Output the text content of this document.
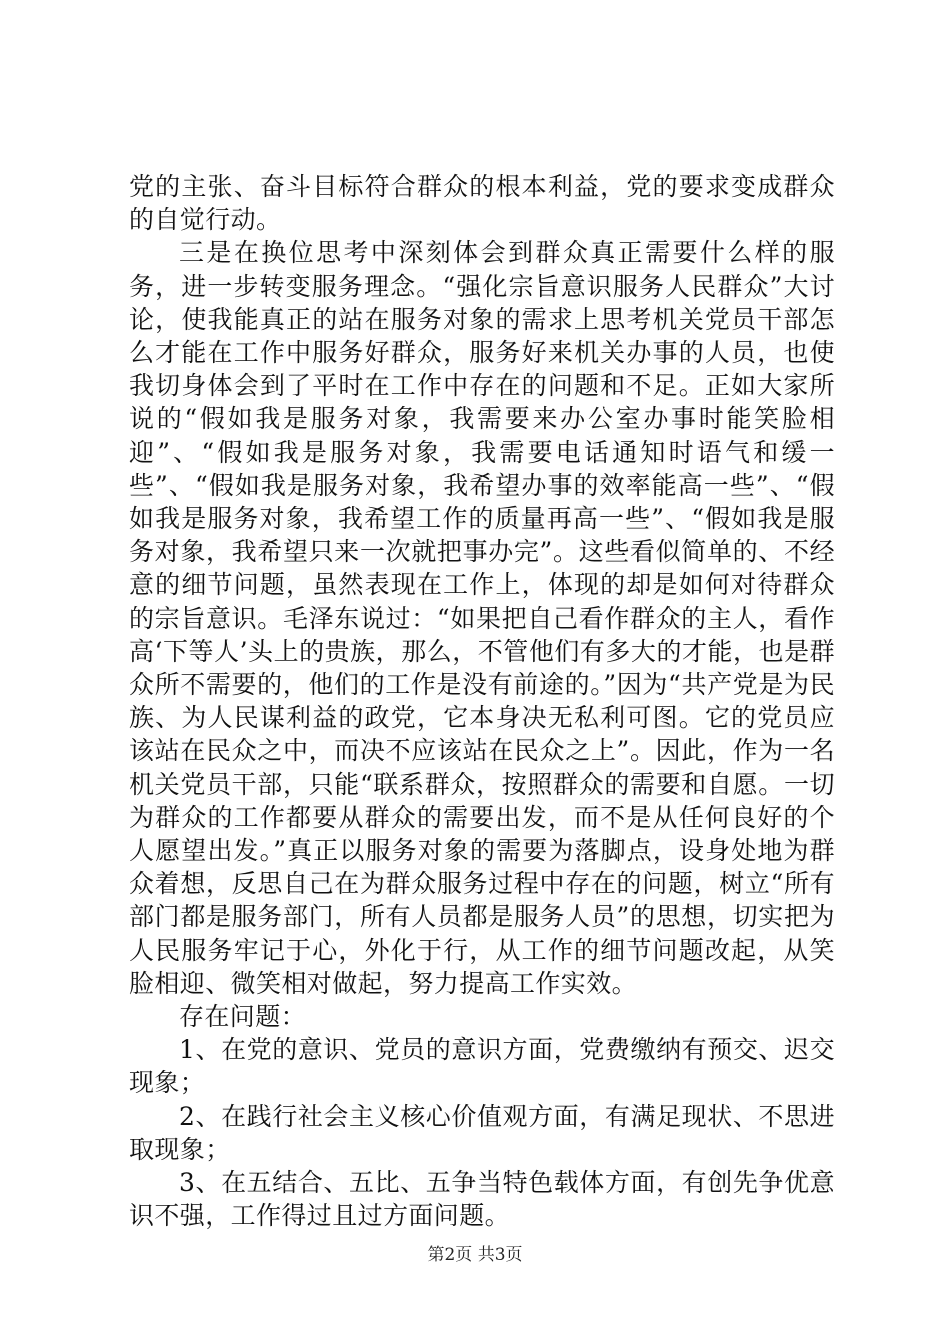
党的主张、奋斗目标符合群众的根本利益，党的要求变成群众的自觉行动。

三是在换位思考中深刻体会到群众真正需要什么样的服务，进一步转变服务理念。“强化宗旨意识服务人民群众”大讨论，使我能真正的站在服务对象的需求上思考机关党员干部怎么才能在工作中服务好群众，服务好来机关办事的人员，也使我切身体会到了平时在工作中存在的问题和不足。正如大家所说的“假如我是服务对象，我需要来办公室办事时能笑脸相迎”、“假如我是服务对象，我需要电话通知时语气和缓一些”、“假如我是服务对象，我希望办事的效率能高一些”、“假如我是服务对象，我希望工作的质量再高一些”、“假如我是服务对象，我希望只来一次就把事办完”。这些看似简单的、不经意的细节问题，虽然表现在工作上，体现的却是如何对待群众的宗旨意识。毛泽东说过：“如果把自己看作群众的主人，看作高‘下等人’头上的贵族，那么，不管他们有多大的才能，也是群众所不需要的，他们的工作是没有前途的。”因为“共产党是为民族、为人民谋利益的政党，它本身决无私利可图。它的党员应该站在民众之中，而决不应该站在民众之上”。因此，作为一名机关党员干部，只能“联系群众，按照群众的需要和自愿。一切为群众的工作都要从群众的需要出发，而不是从任何良好的个人愿望出发。”真正以服务对象的需要为落脚点，设身处地为群众着想，反思自己在为群众服务过程中存在的问题，树立“所有部门都是服务部门，所有人员都是服务人员”的思想，切实把为人民服务牢记于心，外化于行，从工作的细节问题改起，从笑脸相迎、微笑相对做起，努力提高工作实效。

存在问题：

1、在党的意识、党员的意识方面，党费缴纳有预交、迟交现象；

2、在践行社会主义核心价值观方面，有满足现状、不思进取现象；

3、在五结合、五比、五争当特色载体方面，有创先争优意识不强，工作得过且过方面问题。

第2页 共3页
